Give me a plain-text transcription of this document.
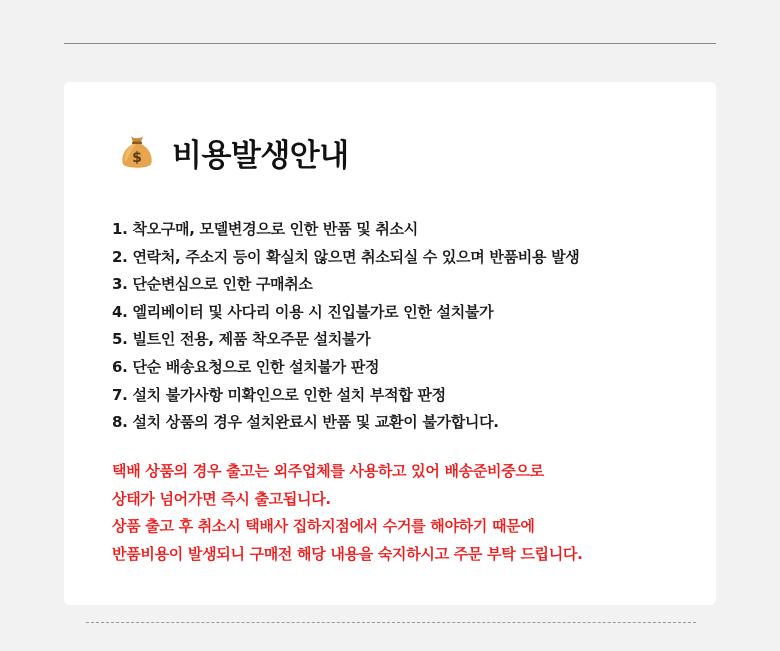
$ 비용발생안내
1. 착오구매, 모델변경으로 인한 반품 및 취소시
2. 연락처, 주소지 등이 확실치 않으면 취소되실 수 있으며 반품비용 발생
3. 단순변심으로 인한 구매취소
4. 엘리베이터 및 사다리 이용 시 진입불가로 인한 설치불가
5. 빌트인 전용, 제품 착오주문 설치불가
6. 단순 배송요청으로 인한 설치불가 판정
7. 설치 불가사항 미확인으로 인한 설치 부적합 판정
8. 설치 상품의 경우 설치완료시 반품 및 교환이 불가합니다.

택배 상품의 경우 출고는 외주업체를 사용하고 있어 배송준비중으로

상태가 넘어가면 즉시 출고됩니다.

상품 출고 후 취소시 택배사 집하지점에서 수거를 해야하기 때문에

반품비용이 발생되니 구매전 해당 내용을 숙지하시고 주문 부탁 드립니다.
